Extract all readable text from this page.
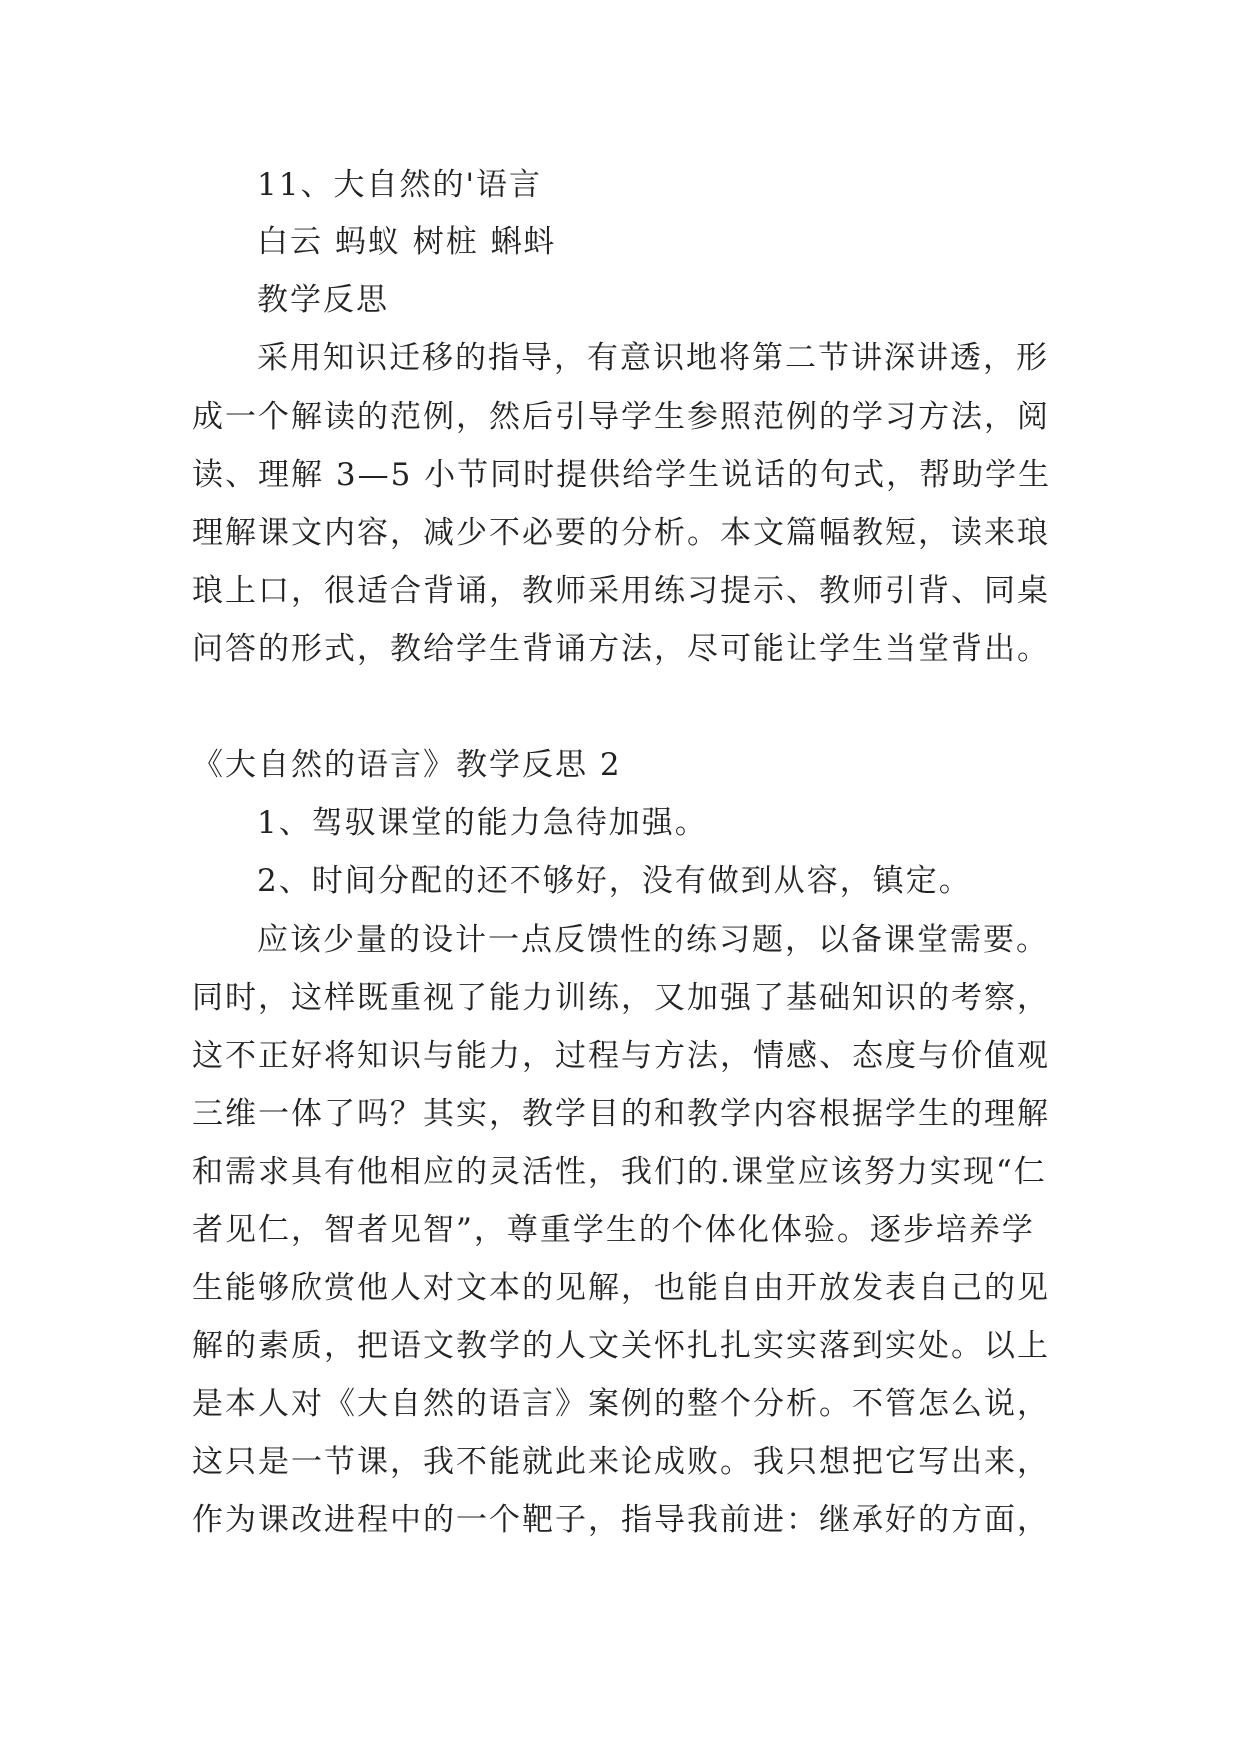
11、大自然的'语言
白云 蚂蚁 树桩 蝌蚪
教学反思
采用知识迁移的指导，有意识地将第二节讲深讲透，形
成一个解读的范例，然后引导学生参照范例的学习方法，阅
读、理解 3—5 小节同时提供给学生说话的句式，帮助学生
理解课文内容，减少不必要的分析。本文篇幅教短，读来琅
琅上口，很适合背诵，教师采用练习提示、教师引背、同桌
问答的形式，教给学生背诵方法，尽可能让学生当堂背出。
《大自然的语言》教学反思 2
1、驾驭课堂的能力急待加强。
2、时间分配的还不够好，没有做到从容，镇定。
应该少量的设计一点反馈性的练习题，以备课堂需要。
同时，这样既重视了能力训练，又加强了基础知识的考察，
这不正好将知识与能力，过程与方法，情感、态度与价值观
三维一体了吗？其实，教学目的和教学内容根据学生的理解
和需求具有他相应的灵活性，我们的.课堂应该努力实现“仁
者见仁，智者见智”，尊重学生的个体化体验。逐步培养学
生能够欣赏他人对文本的见解，也能自由开放发表自己的见
解的素质，把语文教学的人文关怀扎扎实实落到实处。以上
是本人对《大自然的语言》案例的整个分析。不管怎么说，
这只是一节课，我不能就此来论成败。我只想把它写出来，
作为课改进程中的一个靶子，指导我前进：继承好的方面，
